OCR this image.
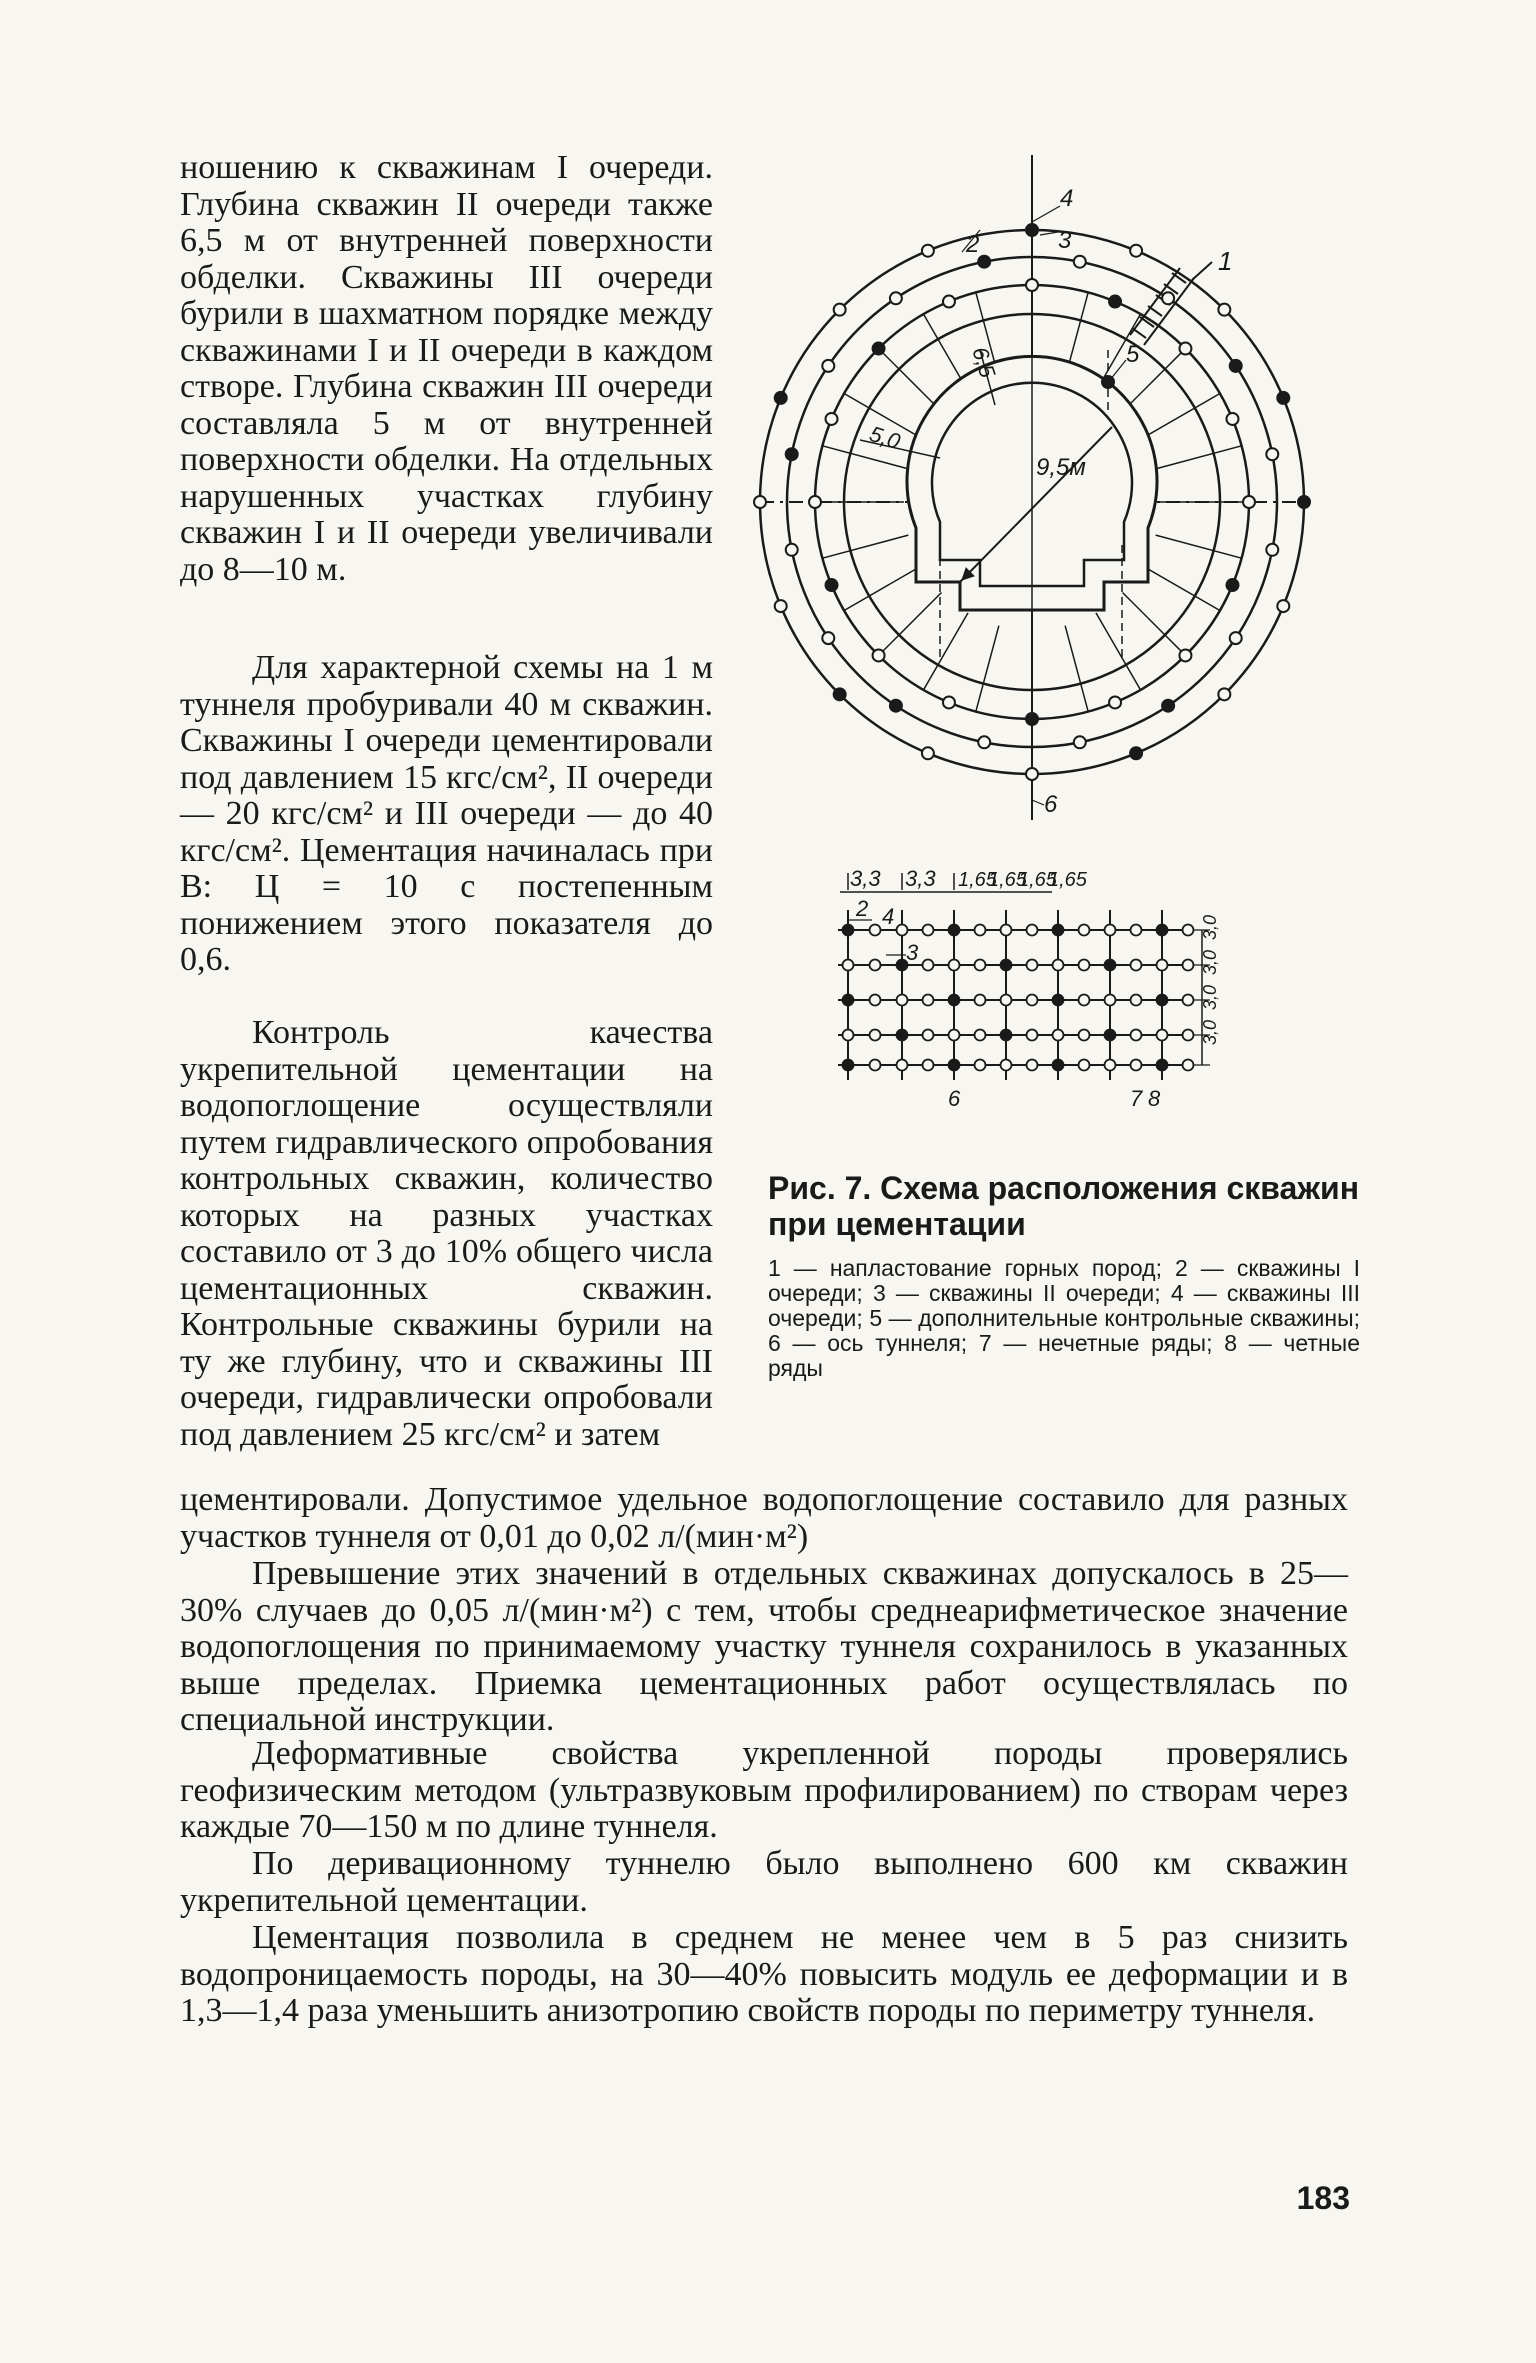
ношению к скважинам I очереди. Глубина скважин II очереди также 6,5 м от внутренней поверхности обделки. Скважины III очереди бурили в шахматном порядке между скважинами I и II очереди в каждом створе. Глубина скважин III очереди составляла 5 м от внутренней поверхности обделки. На отдельных нарушенных участках глубину скважин I и II очереди увеличивали до 8—10 м.

Для характерной схемы на 1 м туннеля пробуривали 40 м скважин. Скважины I очереди цементировали под давлением 15 кгс/см², II очереди — 20 кгс/см² и III очереди — до 40 кгс/см². Цементация начиналась при В: Ц = 10 с постепенным понижением этого показателя до 0,6.

Контроль качества укрепительной цементации на водопоглощение осуществляли путем гидравлического опробования контрольных скважин, количество которых на разных участках составило от 3 до 10% общего числа цементационных скважин. Контрольные скважины бурили на ту же глубину, что и скважины III очереди, гидравлически опробовали под давлением 25 кгс/см² и затем

цементировали. Допустимое удельное водопоглощение составило для разных участков туннеля от 0,01 до 0,02 л/(мин·м²)

Превышение этих значений в отдельных скважинах допускалось в 25—30% случаев до 0,05 л/(мин·м²) с тем, чтобы среднеарифметическое значение водопоглощения по принимаемому участку туннеля сохранилось в указанных выше пределах. Приемка цементационных работ осуществлялась по специальной инструкции.

Деформативные свойства укрепленной породы проверялись геофизическим методом (ультразвуковым профилированием) по створам через каждые 70—150 м по длине туннеля.

По деривационному туннелю было выполнено 600 км скважин укрепительной цементации.

Цементация позволила в среднем не менее чем в 5 раз снизить водопроницаемость породы, на 30—40% повысить модуль ее деформации и в 1,3—1,4 раза уменьшить анизотропию свойств породы по периметру туннеля.

1
2	3
4
5
6
6,5
5,0
9,5м
3,3 3,3 1,65
1,65
1,65
1,65
2 4
3
6	7 8
3,0
3,0
3,0
3,0

Рис. 7. Схема расположения скважин при цементации

1 — напластование горных пород; 2 — скважины I очереди; 3 — скважины II очереди; 4 — скважины III очереди; 5 — дополнительные контрольные скважины; 6 — ось туннеля; 7 — нечетные ряды; 8 — четные ряды

183
